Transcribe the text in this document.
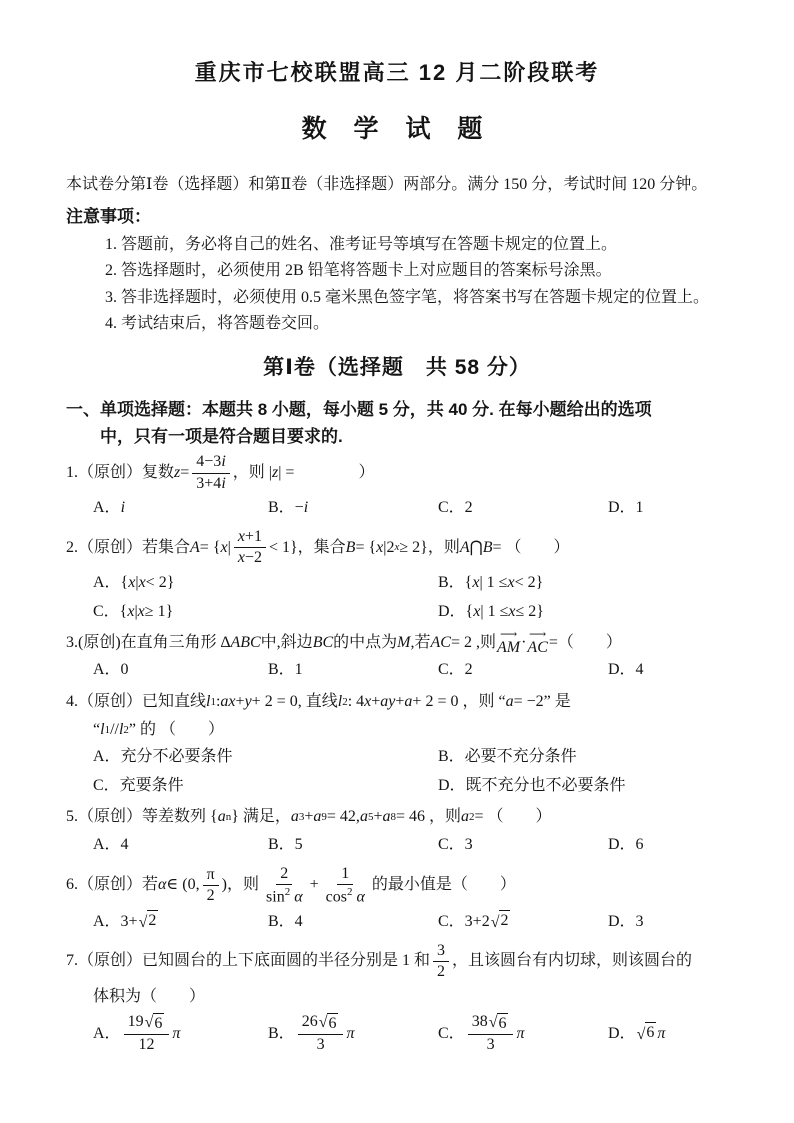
重庆市七校联盟高三 12 月二阶段联考
数 学 试 题

本试卷分第Ⅰ卷（选择题）和第Ⅱ卷（非选择题）两部分。满分 150 分，考试时间 120 分钟。

注意事项：
1. 答题前，务必将自己的姓名、准考证号等填写在答题卡规定的位置上。
2. 答选择题时，必须使用 2B 铅笔将答题卡上对应题目的答案标号涂黑。
3. 答非选择题时，必须使用 0.5 毫米黑色签字笔，将答案书写在答题卡规定的位置上。
4. 考试结束后，将答题卷交回。
第Ⅰ卷（选择题　共 58 分）
一、单项选择题：本题共 8 小题，每小题 5 分，共 40 分. 在每小题给出的选项
中，只有一项是符合题目要求的.
1.（原创）复数 $z = \frac{4-3i}{3+4i}$ ，则 | z | =　　　　）
A． i	B．− i	C．2	D．1
2.（原创）若集合 A = { x | $\frac{x+1}{x-2} < 1$}，集合 B = { x |2 x ≥ 2}，则 A ⋂ B = （　　）
A．{ x | x < 2}	B．{ x | 1 ≤ x < 2}
C．{ x | x ≥ 1}	D．{ x | 1 ≤ x ≤ 2}
3.(原创)在直角三角形 ∆ ABC 中,斜边 BC 的中点为 M ,若 AC = 2 ,则
⟶
AM ·
⟶
AC =（　　）
A．0	B．1	C．2	D．4
4.（原创）已知直线 l 1 : ax + y + 2 = 0, 直线 l 2 : 4 x + ay + a + 2 = 0 ，则 “ a = −2” 是
“ l 1 // l 2 ” 的 （　　）
A．充分不必要条件	B．必要不充分条件
C．充要条件	D．既不充分也不必要条件
5.（原创）等差数列 { a n } 满足， a 3 + a 9 = 42, a 5 + a 8 = 46 ，则 a 2 = （　　）
A．4	B．5	C．3	D．6
6.（原创）若 α ∈ (0, $\frac{\pi}{2}$ )，则 $\frac{2}{\sin^2 \alpha} + \frac{1}{\cos^2 \alpha}$ 的最小值是（　　）
A．3+ √ 2	B．4	C．3+2 √ 2	D．3
7.（原创）已知圆台的上下底面圆的半径分别是 1 和 $\frac{3}{2}$ ，且该圆台有内切球，则该圆台的
体积为（　　）
A． $\frac{19 √ 6}{12}$ π	B． $\frac{26 √ 6}{3}$ π	C． $\frac{38 √ 6}{3}$ π	D． √ 6 π
